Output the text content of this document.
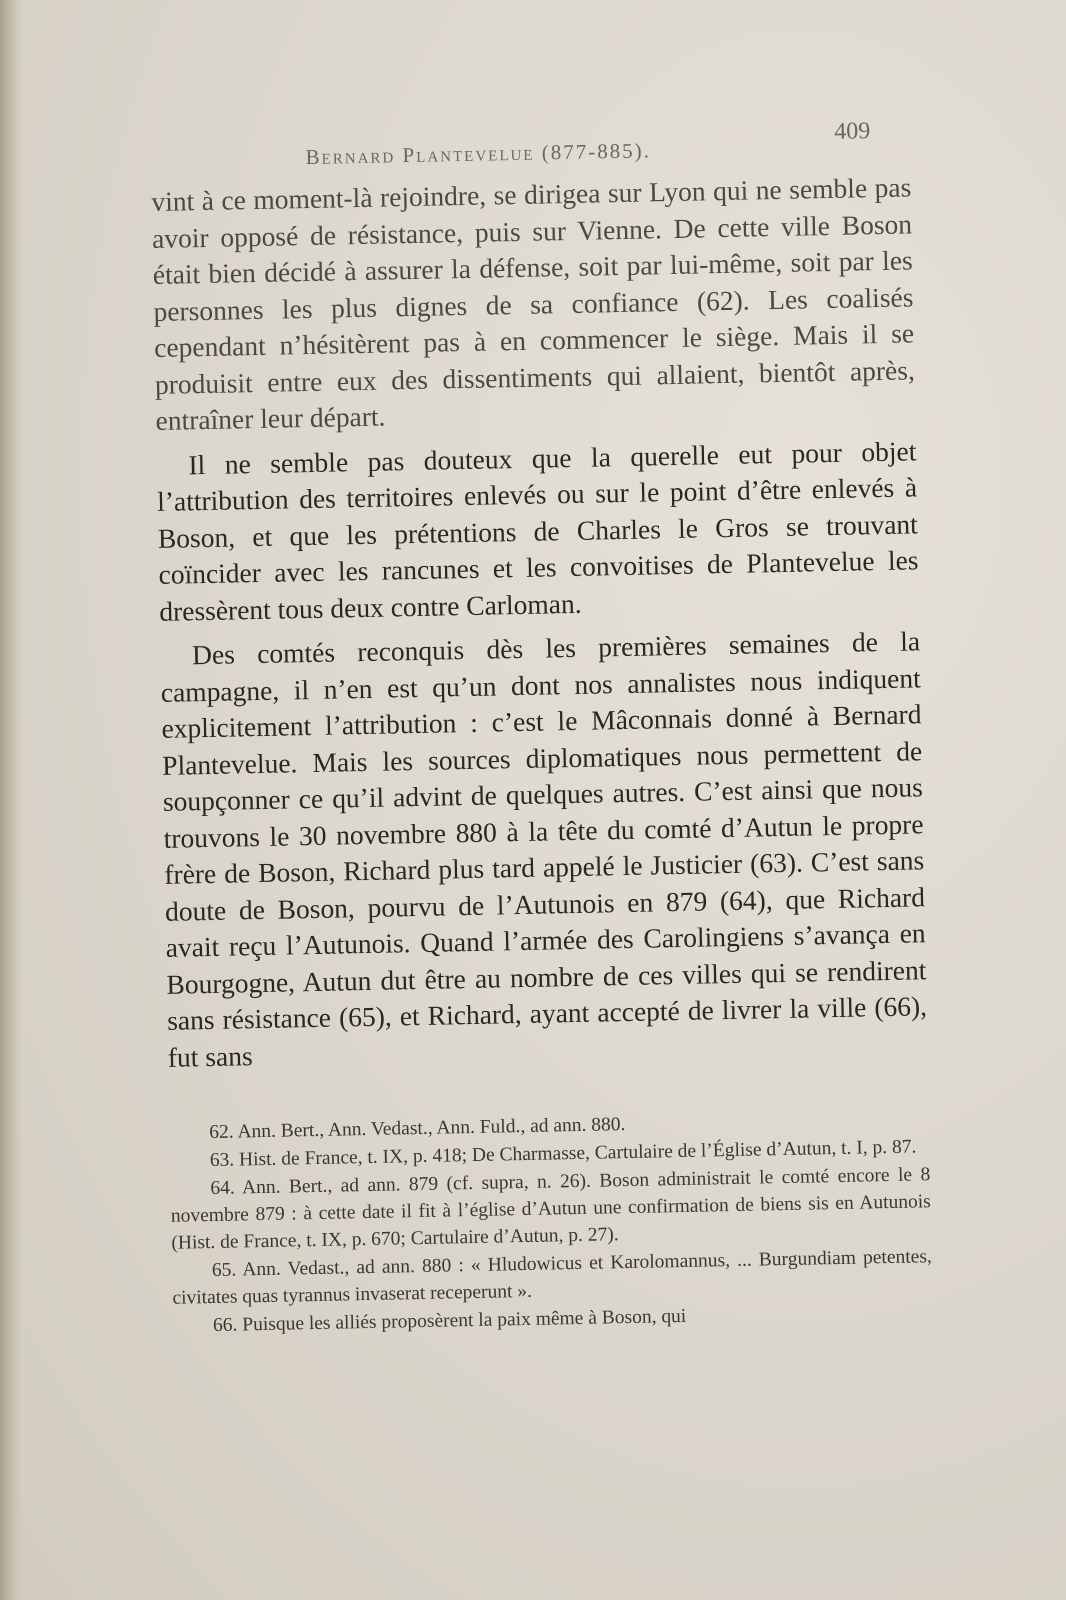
Bernard Plantevelue (877-885).
409

vint à ce moment-là rejoindre, se dirigea sur Lyon qui ne semble pas avoir opposé de résistance, puis sur Vienne. De cette ville Boson était bien décidé à assurer la défense, soit par lui-même, soit par les personnes les plus dignes de sa confiance (62). Les coalisés cependant n’hésitèrent pas à en commencer le siège. Mais il se produisit entre eux des dissentiments qui allaient, bientôt après, entraîner leur départ.

Il ne semble pas douteux que la querelle eut pour objet l’attribution des territoires enlevés ou sur le point d’être enlevés à Boson, et que les prétentions de Charles le Gros se trouvant coïncider avec les rancunes et les convoitises de Plantevelue les dressèrent tous deux contre Carloman.

Des comtés reconquis dès les premières semaines de la campagne, il n’en est qu’un dont nos annalistes nous indiquent explicitement l’attribution : c’est le Mâconnais donné à Bernard Plantevelue. Mais les sources diplomatiques nous permettent de soupçonner ce qu’il advint de quelques autres. C’est ainsi que nous trouvons le 30 novembre 880 à la tête du comté d’Autun le propre frère de Boson, Richard plus tard appelé le Justicier (63). C’est sans doute de Boson, pourvu de l’Autunois en 879 (64), que Richard avait reçu l’Autunois. Quand l’armée des Carolingiens s’avança en Bourgogne, Autun dut être au nombre de ces villes qui se rendirent sans résistance (65), et Richard, ayant accepté de livrer la ville (66), fut sans

62. Ann. Bert., Ann. Vedast., Ann. Fuld., ad ann. 880.

63. Hist. de France, t. IX, p. 418; De Charmasse, Cartulaire de l’Église d’Autun, t. I, p. 87.

64. Ann. Bert., ad ann. 879 (cf. supra, n. 26). Boson administrait le comté encore le 8 novembre 879 : à cette date il fit à l’église d’Autun une confirmation de biens sis en Autunois (Hist. de France, t. IX, p. 670; Cartulaire d’Autun, p. 27).

65. Ann. Vedast., ad ann. 880 : « Hludowicus et Karolomannus, ... Burgundiam petentes, civitates quas tyrannus invaserat receperunt ».

66. Puisque les alliés proposèrent la paix même à Boson, qui
